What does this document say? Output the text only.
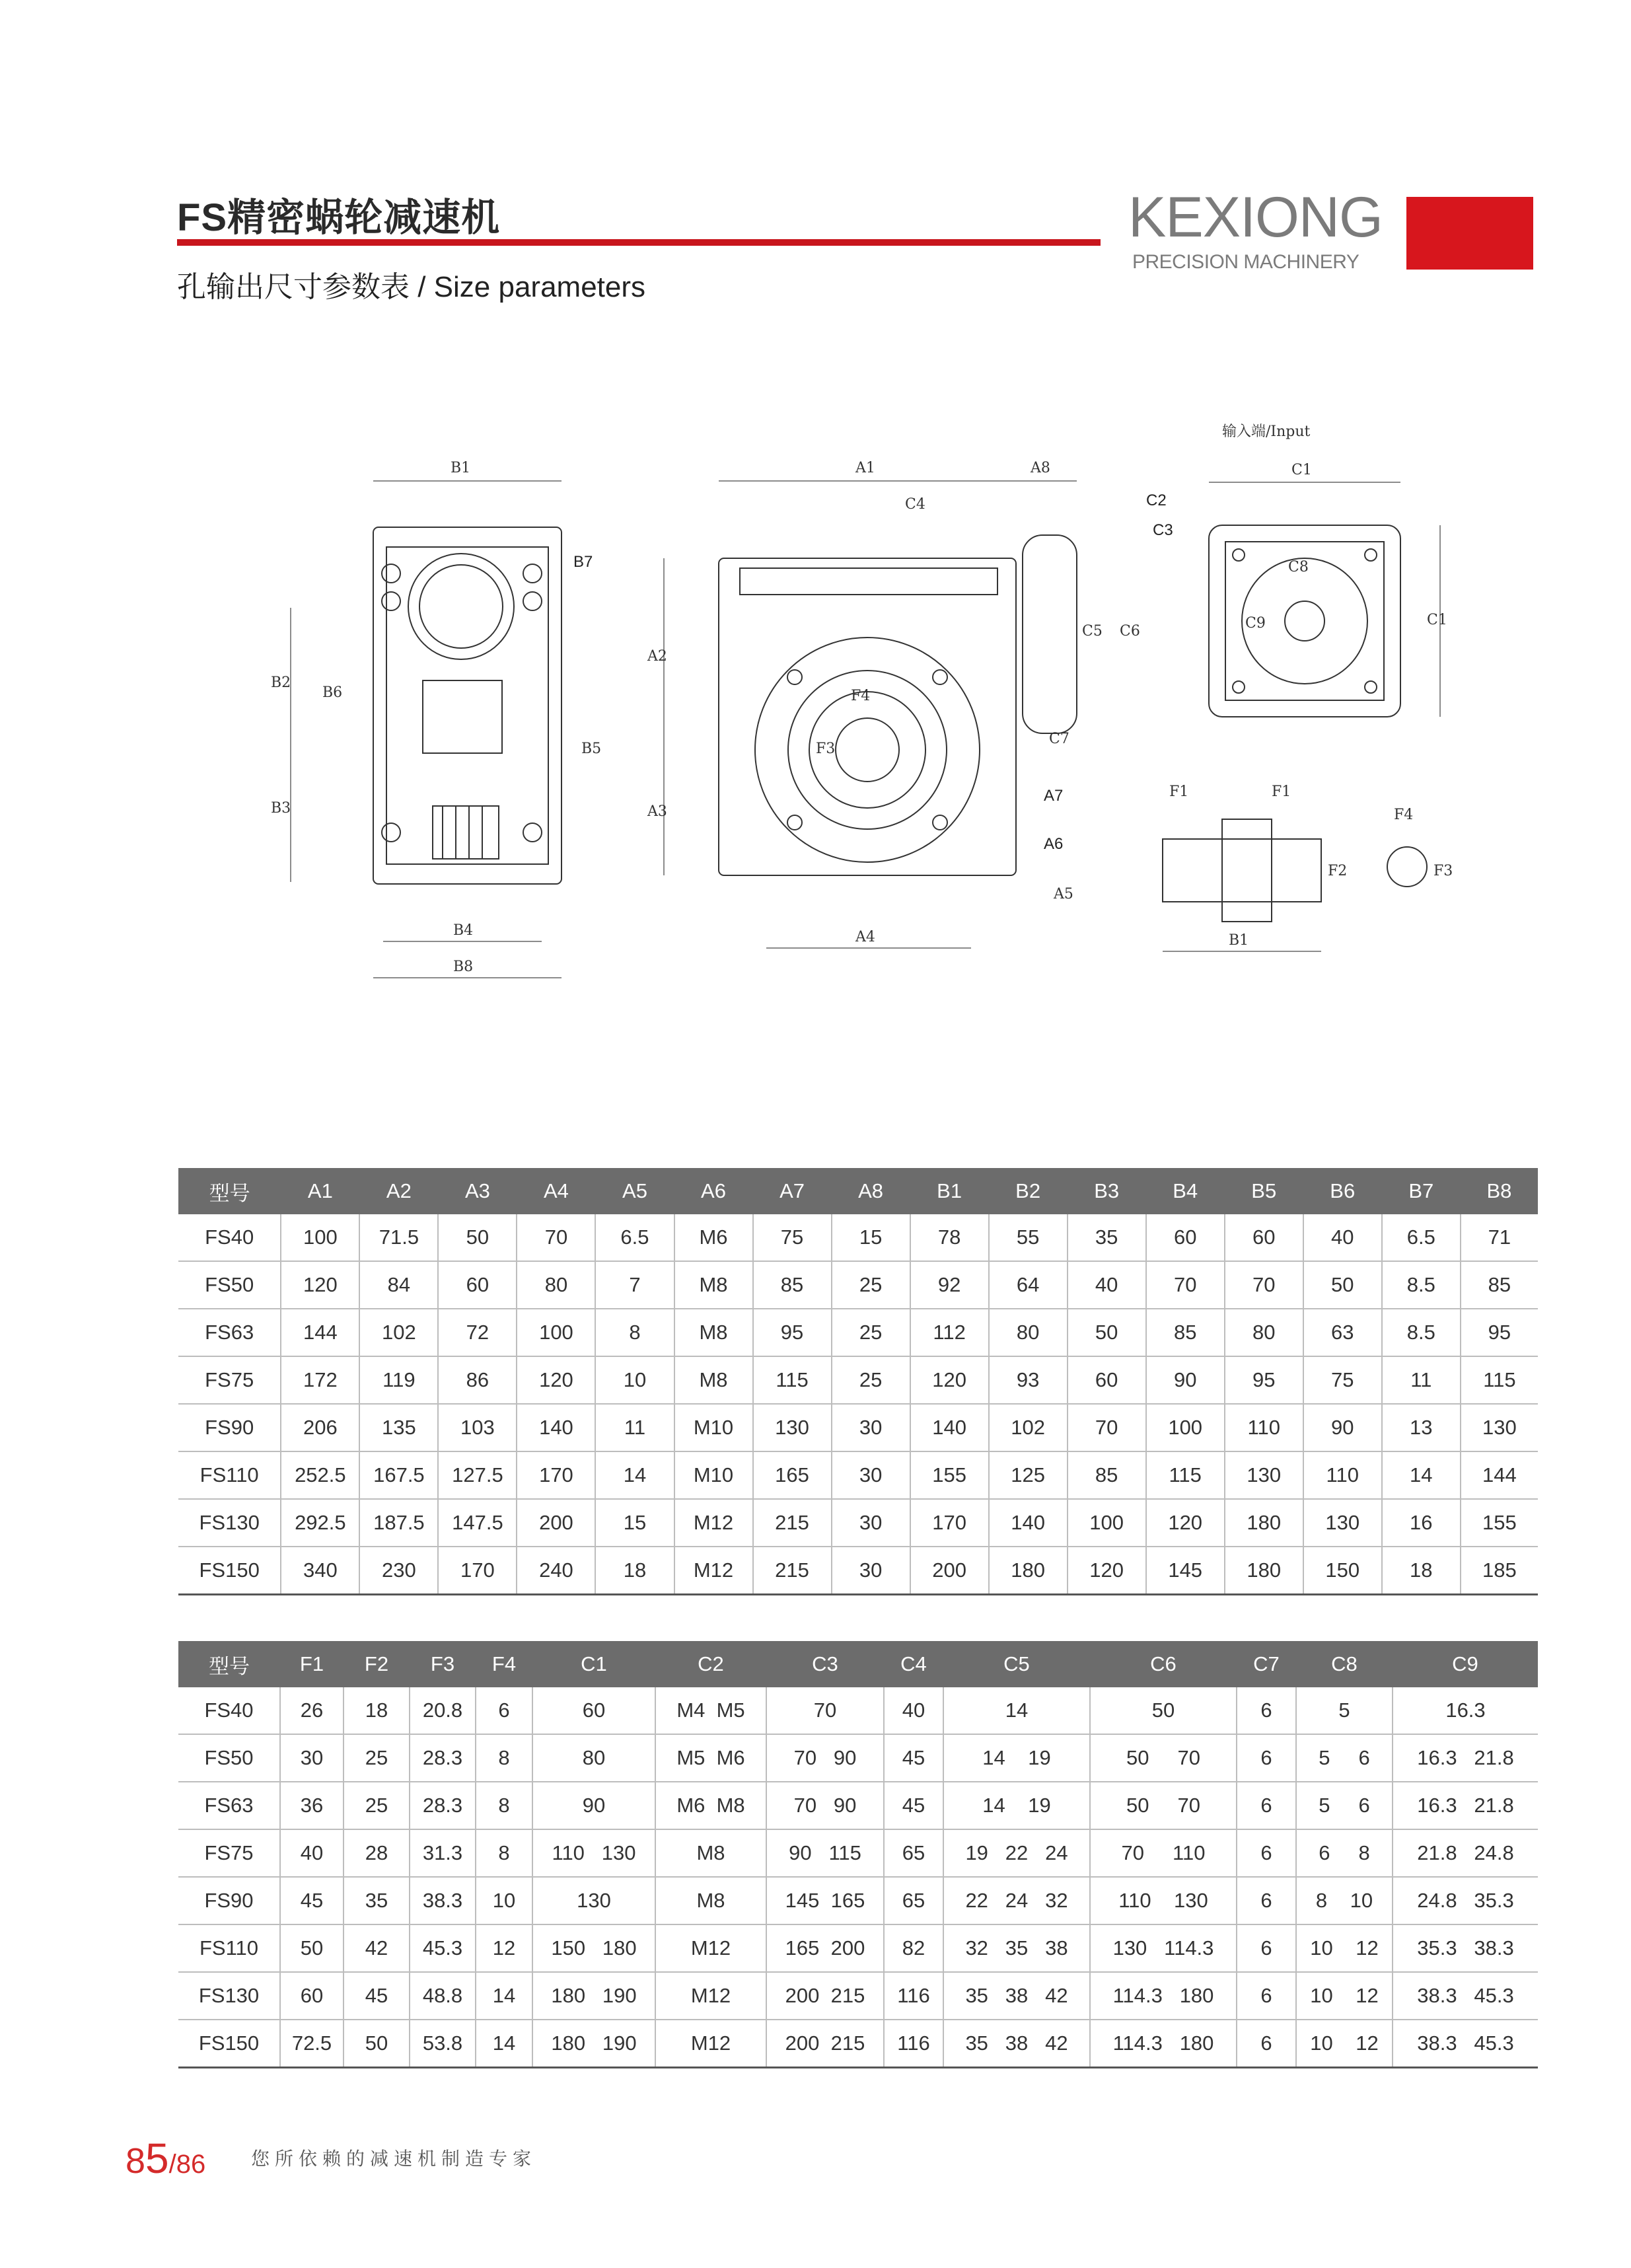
FS精密蜗轮减速机
孔输出尺寸参数表 / Size parameters
KEXIONG
PRECISION MACHINERY
B1	A1	A8
C4
C1
输入端/Input
C2
C3
B7	C8
C9	C1
B2
B6
B3
B5
B4
B8
A2
A3
A4
A5
A6
A7
C5 C6
C7
F4
F3
F1	F1
F2
F4
F3
B1
型号	A1	A2	A3	A4	A5	A6	A7	A8	B1	B2	B3	B4	B5	B6	B7	B8
FS40	100	71.5	50	70	6.5	M6	75	15	78	55	35	60	60	40	6.5	71
FS50	120	84	60	80	7	M8	85	25	92	64	40	70	70	50	8.5	85
FS63	144	102	72	100	8	M8	95	25	112	80	50	85	80	63	8.5	95
FS75	172	119	86	120	10	M8	115	25	120	93	60	90	95	75	11	115
FS90	206	135	103	140	11	M10	130	30	140	102	70	100	110	90	13	130
FS110	252.5	167.5	127.5	170	14	M10	165	30	155	125	85	115	130	110	14	144
FS130	292.5	187.5	147.5	200	15	M12	215	30	170	140	100	120	180	130	16	155
FS150	340	230	170	240	18	M12	215	30	200	180	120	145	180	150	18	185
型号	F1	F2	F3	F4	C1	C2	C3	C4	C5	C6	C7	C8	C9
FS40	26	18	20.8	6	60	M4  M5	70	40	14	50	6	5	16.3
FS50	30	25	28.3	8	80	M5  M6	70   90	45	14    19	50     70	6	5     6	16.3   21.8
FS63	36	25	28.3	8	90	M6  M8	70   90	45	14    19	50     70	6	5     6	16.3   21.8
FS75	40	28	31.3	8	110   130	M8	90   115	65	19   22   24	70     110	6	6     8	21.8   24.8
FS90	45	35	38.3	10	130	M8	145  165	65	22   24   32	110    130	6	8    10	24.8   35.3
FS110	50	42	45.3	12	150   180	M12	165  200	82	32   35   38	130   114.3	6	10    12	35.3   38.3
FS130	60	45	48.8	14	180   190	M12	200  215	116	35   38   42	114.3   180	6	10    12	38.3   45.3
FS150	72.5	50	53.8	14	180   190	M12	200  215	116	35   38   42	114.3   180	6	10    12	38.3   45.3
85/86 您所依赖的减速机制造专家
